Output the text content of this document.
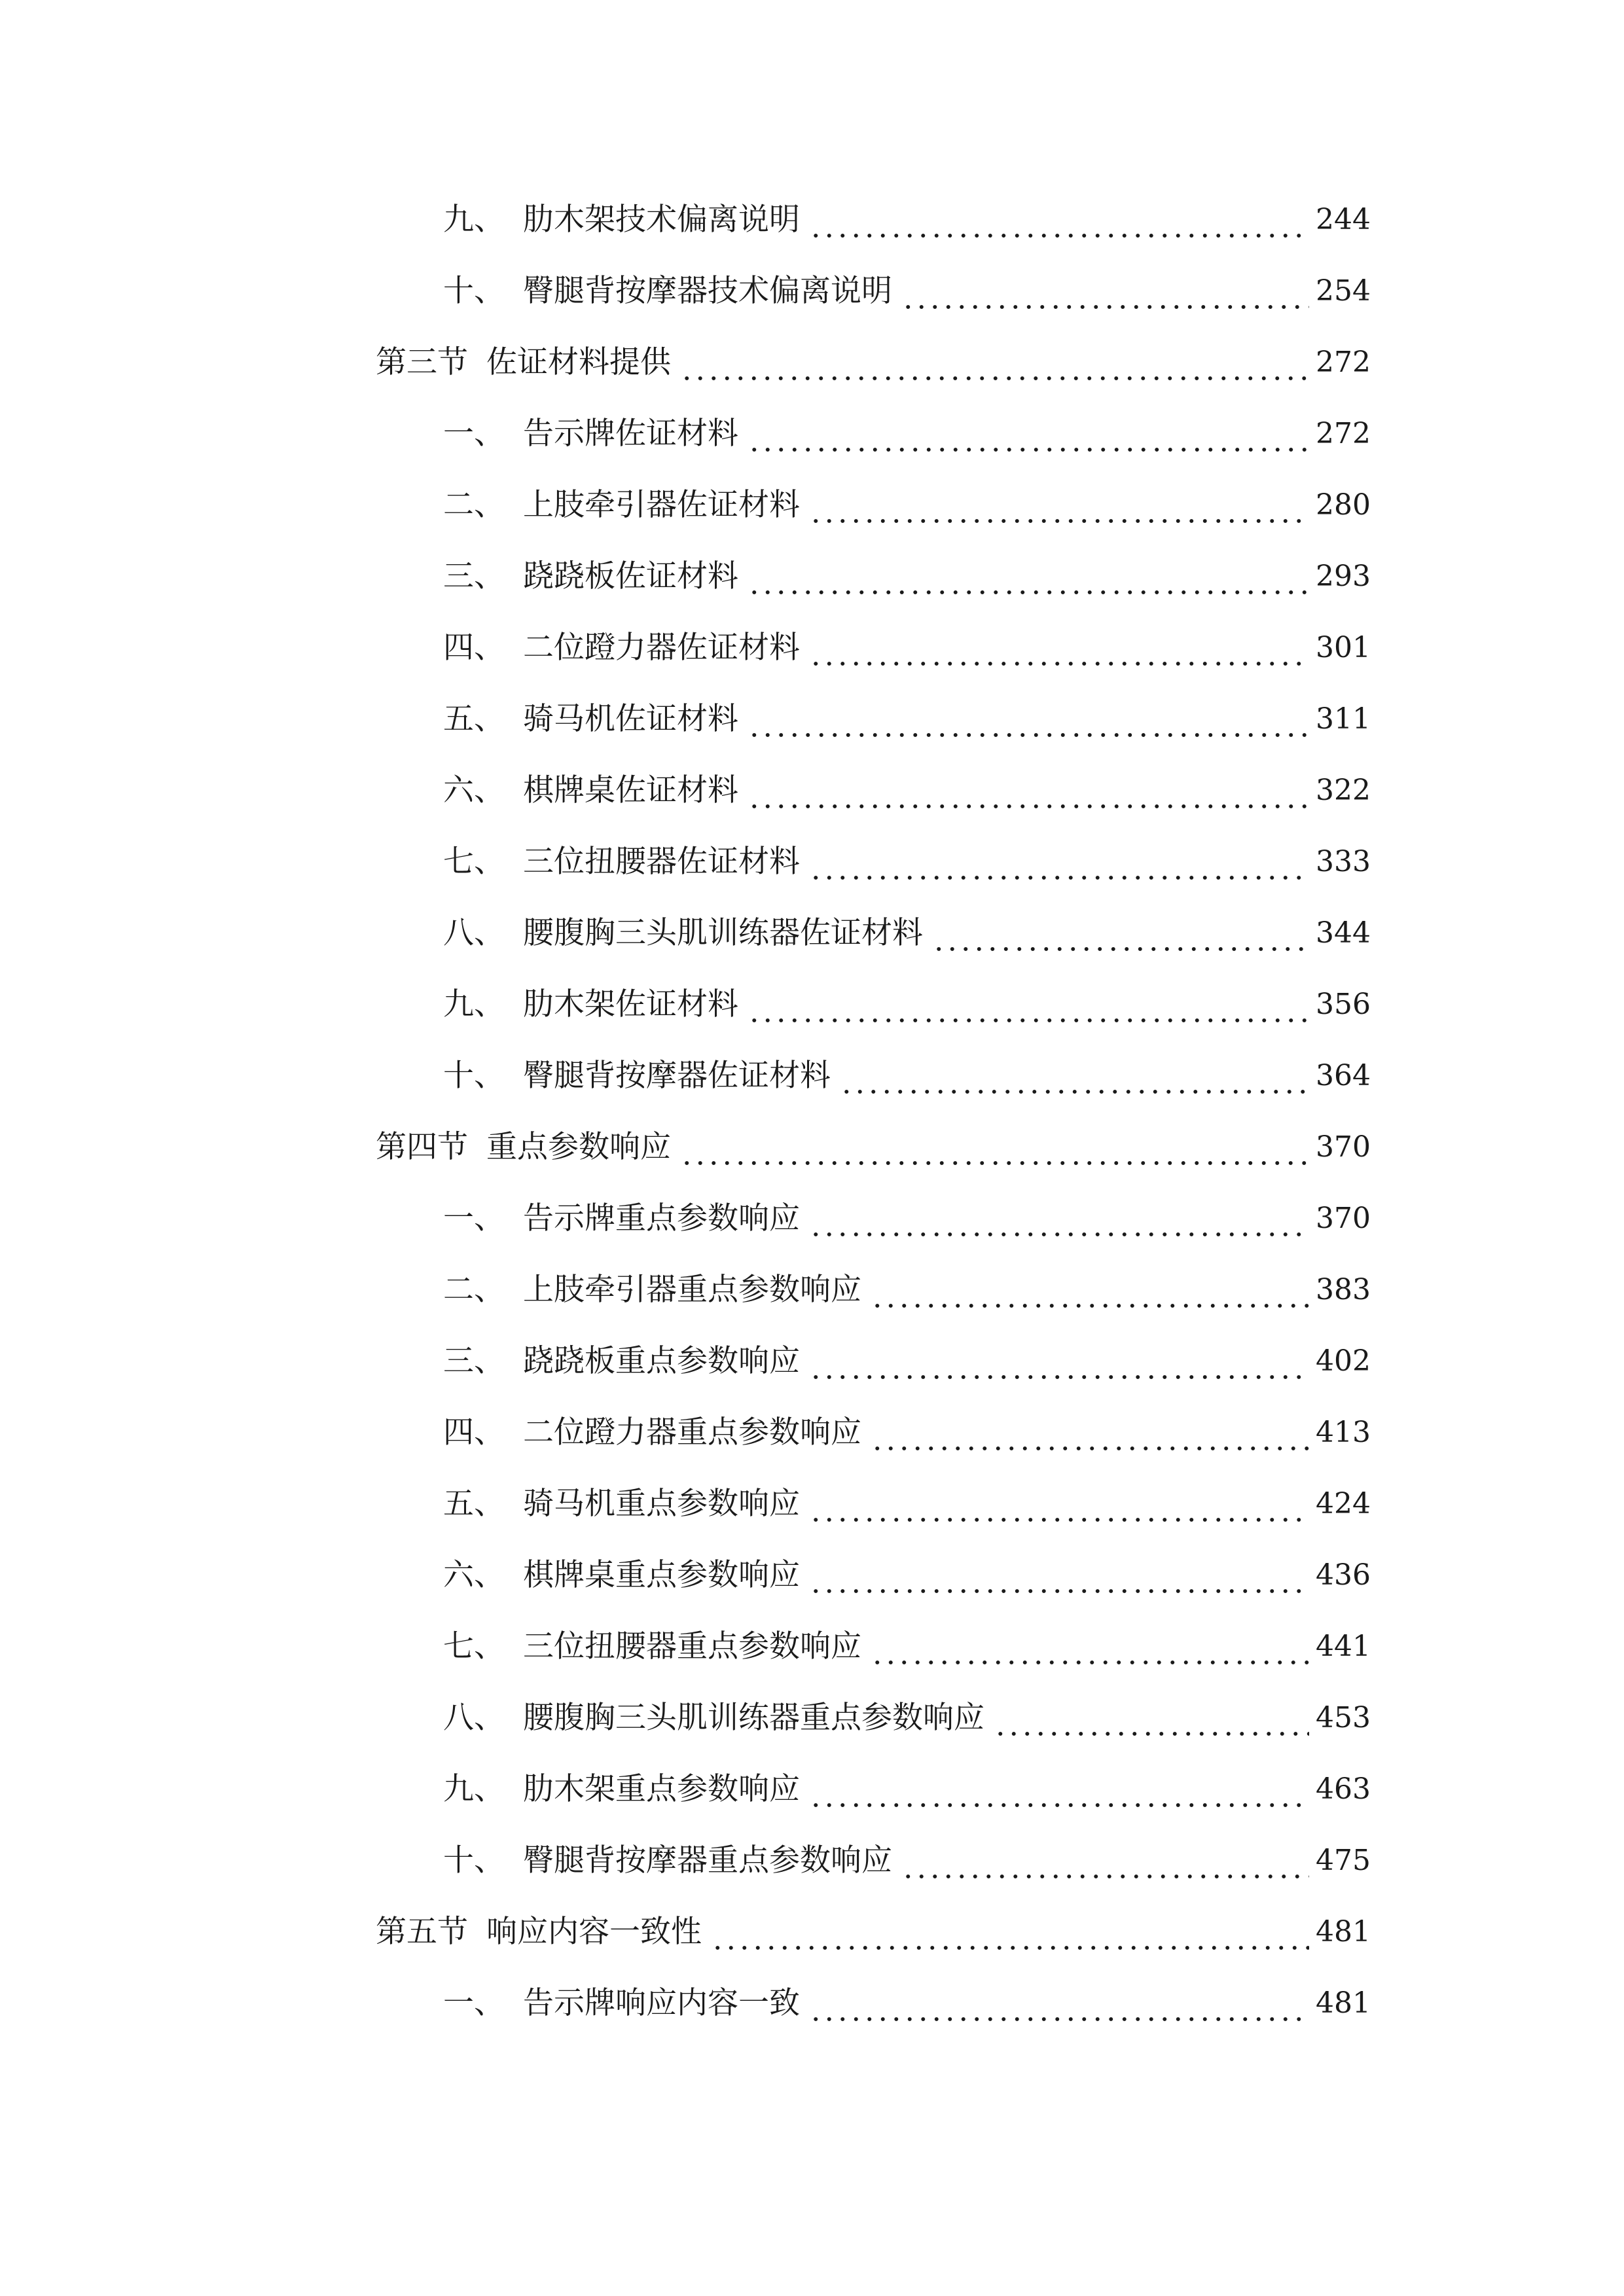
九、 肋木架技术偏离说明	244
十、 臀腿背按摩器技术偏离说明	254
第三节 佐证材料提供	272
一、 告示牌佐证材料	272
二、 上肢牵引器佐证材料	280
三、 跷跷板佐证材料	293
四、 二位蹬力器佐证材料	301
五、 骑马机佐证材料	311
六、 棋牌桌佐证材料	322
七、 三位扭腰器佐证材料	333
八、 腰腹胸三头肌训练器佐证材料	344
九、 肋木架佐证材料	356
十、 臀腿背按摩器佐证材料	364
第四节 重点参数响应	370
一、 告示牌重点参数响应	370
二、 上肢牵引器重点参数响应	383
三、 跷跷板重点参数响应	402
四、 二位蹬力器重点参数响应	413
五、 骑马机重点参数响应	424
六、 棋牌桌重点参数响应	436
七、 三位扭腰器重点参数响应	441
八、 腰腹胸三头肌训练器重点参数响应	453
九、 肋木架重点参数响应	463
十、 臀腿背按摩器重点参数响应	475
第五节 响应内容一致性	481
一、 告示牌响应内容一致	481
